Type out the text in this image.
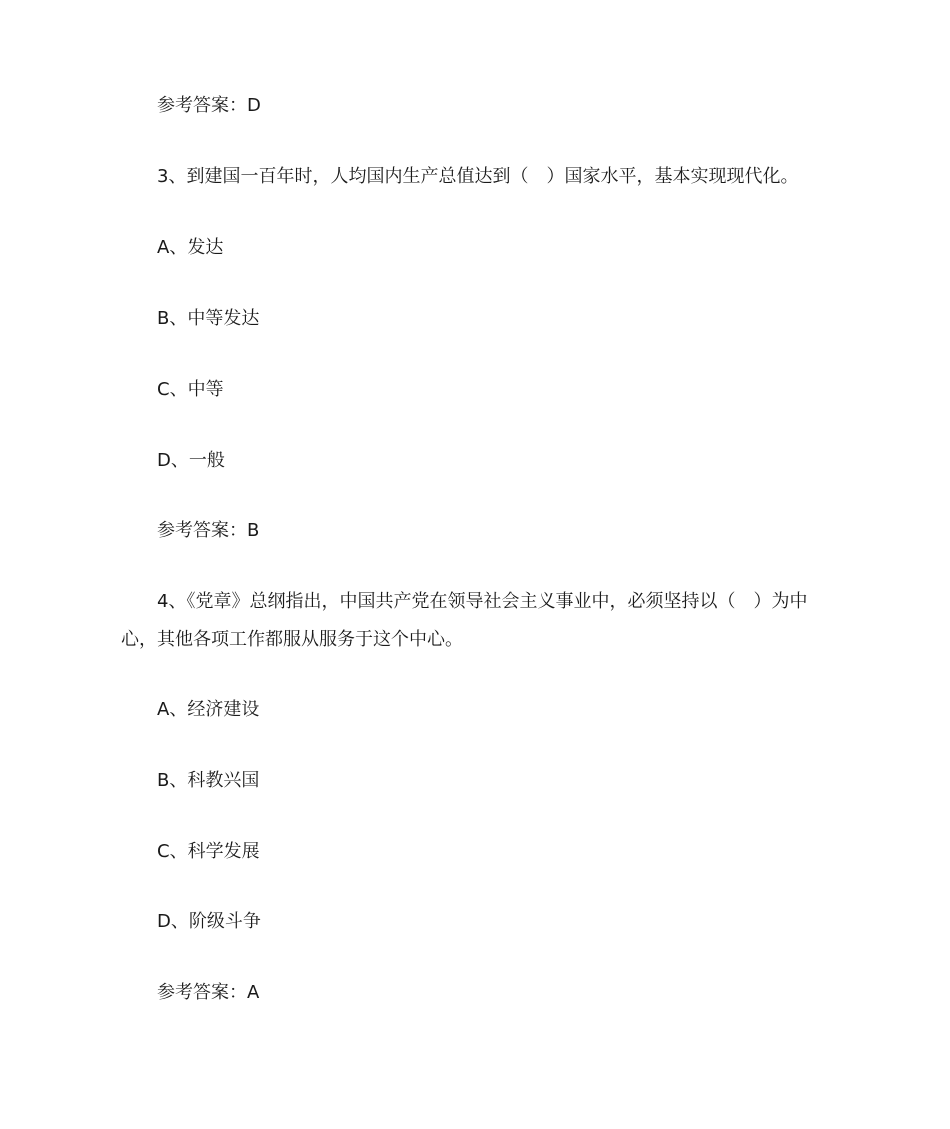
参考答案：D
3、到建国一百年时，人均国内生产总值达到（　）国家水平，基本实现现代化。
A、发达
B、中等发达
C、中等
D、一般
参考答案：B
4、《党章》总纲指出，中国共产党在领导社会主义事业中，必须坚持以（　）为中心，其他各项工作都服从服务于这个中心。
A、经济建设
B、科教兴国
C、科学发展
D、阶级斗争
参考答案：A
